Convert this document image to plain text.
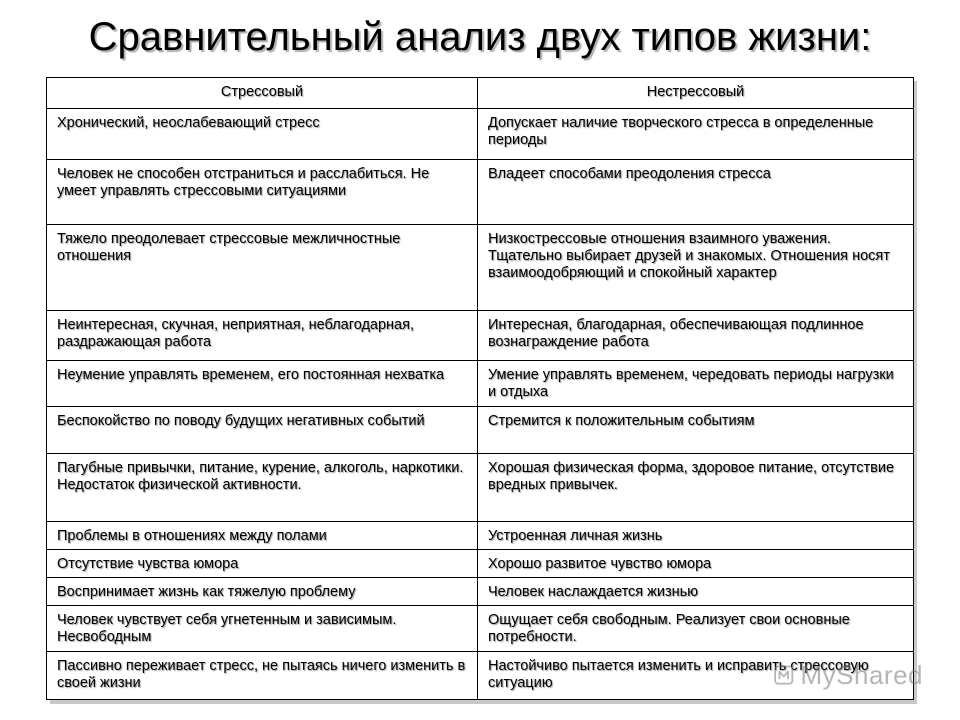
Сравнительный анализ двух типов жизни:
Стрессовый	Нестрессовый
Хронический, неослабевающий стресс	Допускает наличие творческого стресса в определенные периоды
Человек не способен отстраниться и расслабиться. Не умеет управлять стрессовыми ситуациями	Владеет способами преодоления стресса
Тяжело преодолевает стрессовые межличностные отношения	Низкострессовые отношения взаимного уважения. Тщательно выбирает друзей и знакомых. Отношения носят взаимоодобряющий и спокойный характер
Неинтересная, скучная, неприятная, неблагодарная, раздражающая работа	Интересная, благодарная, обеспечивающая подлинное вознаграждение работа
Неумение управлять временем, его постоянная нехватка	Умение управлять временем, чередовать периоды нагрузки и отдыха
Беспокойство по поводу будущих негативных событий	Стремится к положительным событиям
Пагубные привычки, питание, курение, алкоголь, наркотики. Недостаток физической активности.	Хорошая физическая форма, здоровое питание, отсутствие вредных привычек.
Проблемы в отношениях между полами	Устроенная личная жизнь
Отсутствие чувства юмора	Хорошо развитое чувство юмора
Воспринимает жизнь как тяжелую проблему	Человек наслаждается жизнью
Человек чувствует себя угнетенным и зависимым. Несвободным	Ощущает себя свободным. Реализует свои основные потребности.
Пассивно переживает стресс, не пытаясь ничего изменить в своей жизни	Настойчиво пытается изменить и исправить стрессовую ситуацию	MyShared
